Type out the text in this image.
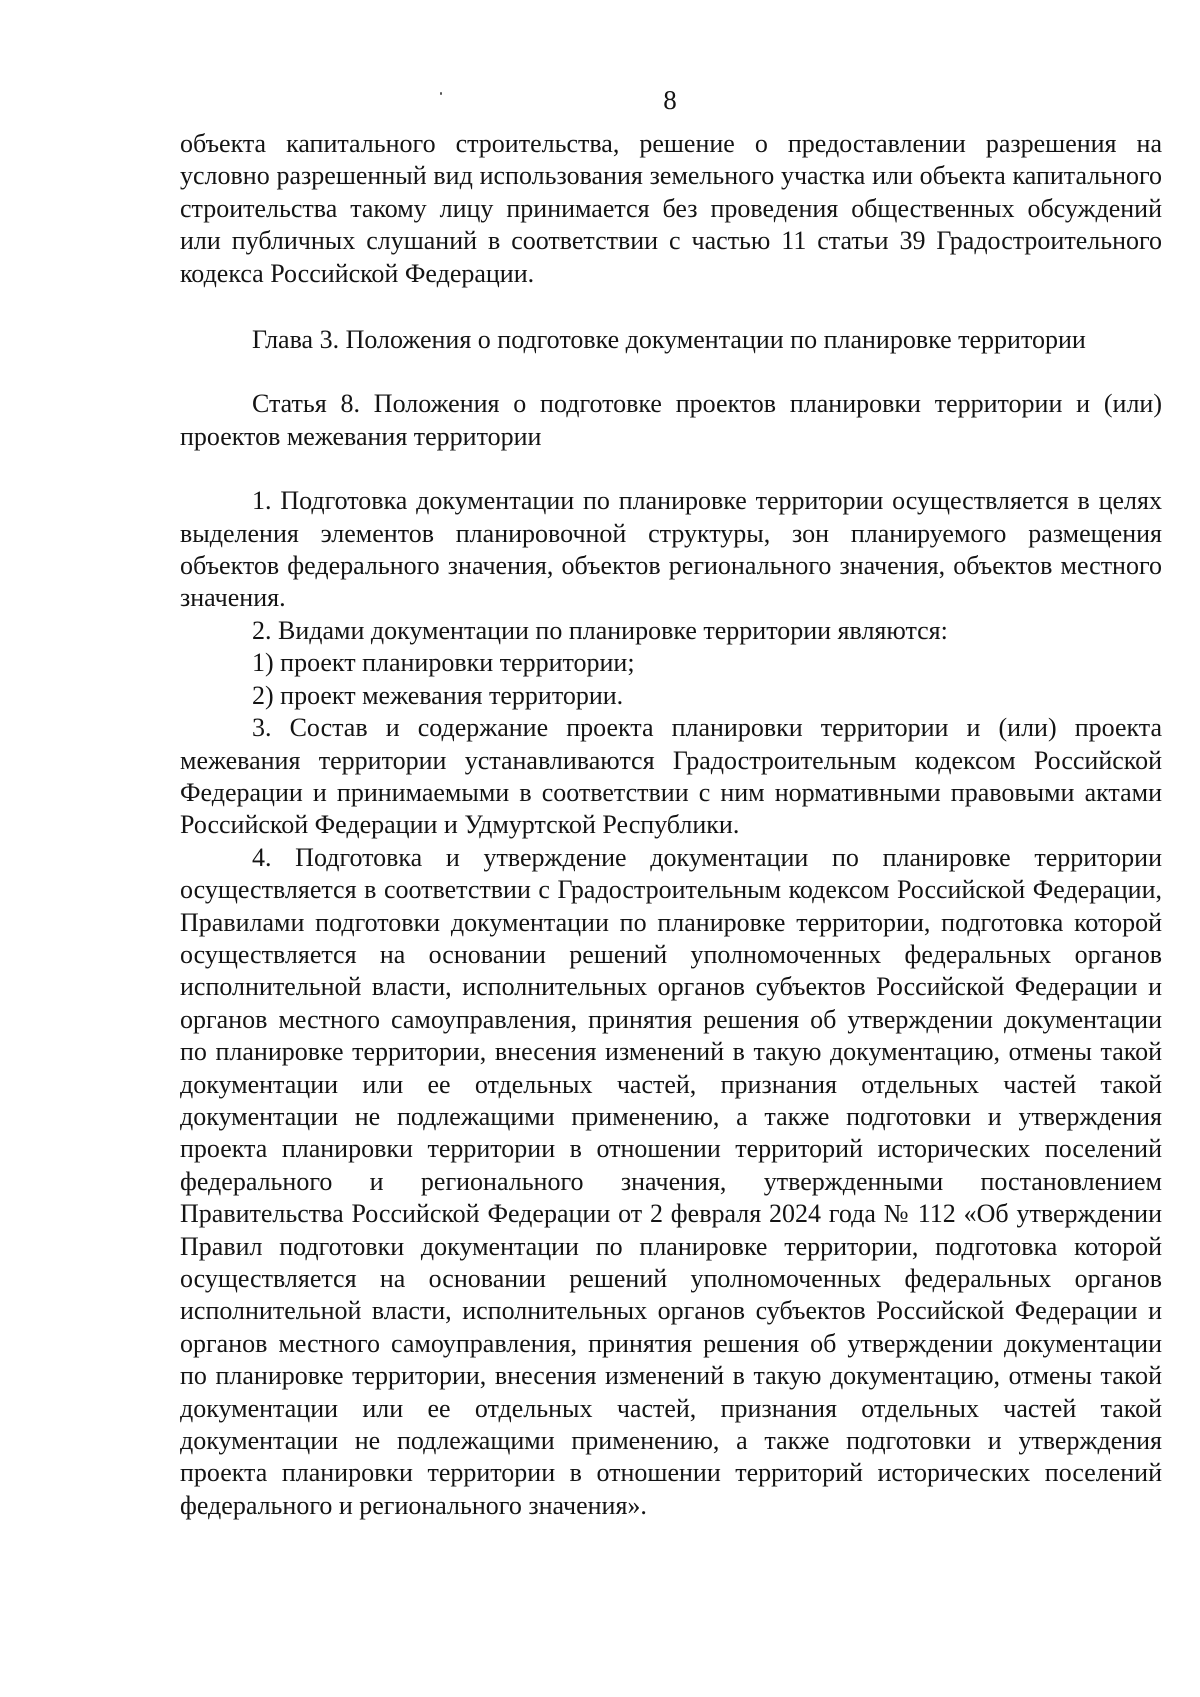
8

объекта капитального строительства, решение о предоставлении разрешения на условно разрешенный вид использования земельного участка или объекта капитального строительства такому лицу принимается без проведения общественных обсуждений или публичных слушаний в соответствии с частью 11 статьи 39 Градостроительного кодекса Российской Федерации.

Глава 3. Положения о подготовке документации по планировке территории

Статья 8. Положения о подготовке проектов планировки территории и (или) проектов межевания территории

1. Подготовка документации по планировке территории осуществляется в целях выделения элементов планировочной структуры, зон планируемого размещения объектов федерального значения, объектов регионального значения, объектов местного значения.

2. Видами документации по планировке территории являются:

1) проект планировки территории;

2) проект межевания территории.

3. Состав и содержание проекта планировки территории и (или) проекта межевания территории устанавливаются Градостроительным кодексом Российской Федерации и принимаемыми в соответствии с ним нормативными правовыми актами Российской Федерации и Удмуртской Республики.

4. Подготовка и утверждение документации по планировке территории осуществляется в соответствии с Градостроительным кодексом Российской Федерации, Правилами подготовки документации по планировке территории, подготовка которой осуществляется на основании решений уполномоченных федеральных органов исполнительной власти, исполнительных органов субъектов Российской Федерации и органов местного самоуправления, принятия решения об утверждении документации по планировке территории, внесения изменений в такую документацию, отмены такой документации или ее отдельных частей, признания отдельных частей такой документации не подлежащими применению, а также подготовки и утверждения проекта планировки территории в отношении территорий исторических поселений федерального и регионального значения, утвержденными постановлением Правительства Российской Федерации от 2 февраля 2024 года № 112 «Об утверждении Правил подготовки документации по планировке территории, подготовка которой осуществляется на основании решений уполномоченных федеральных органов исполнительной власти, исполнительных органов субъектов Российской Федерации и органов местного самоуправления, принятия решения об утверждении документации по планировке территории, внесения изменений в такую документацию, отмены такой документации или ее отдельных частей, признания отдельных частей такой документации не подлежащими применению, а также подготовки и утверждения проекта планировки территории в отношении территорий исторических поселений федерального и регионального значения».
